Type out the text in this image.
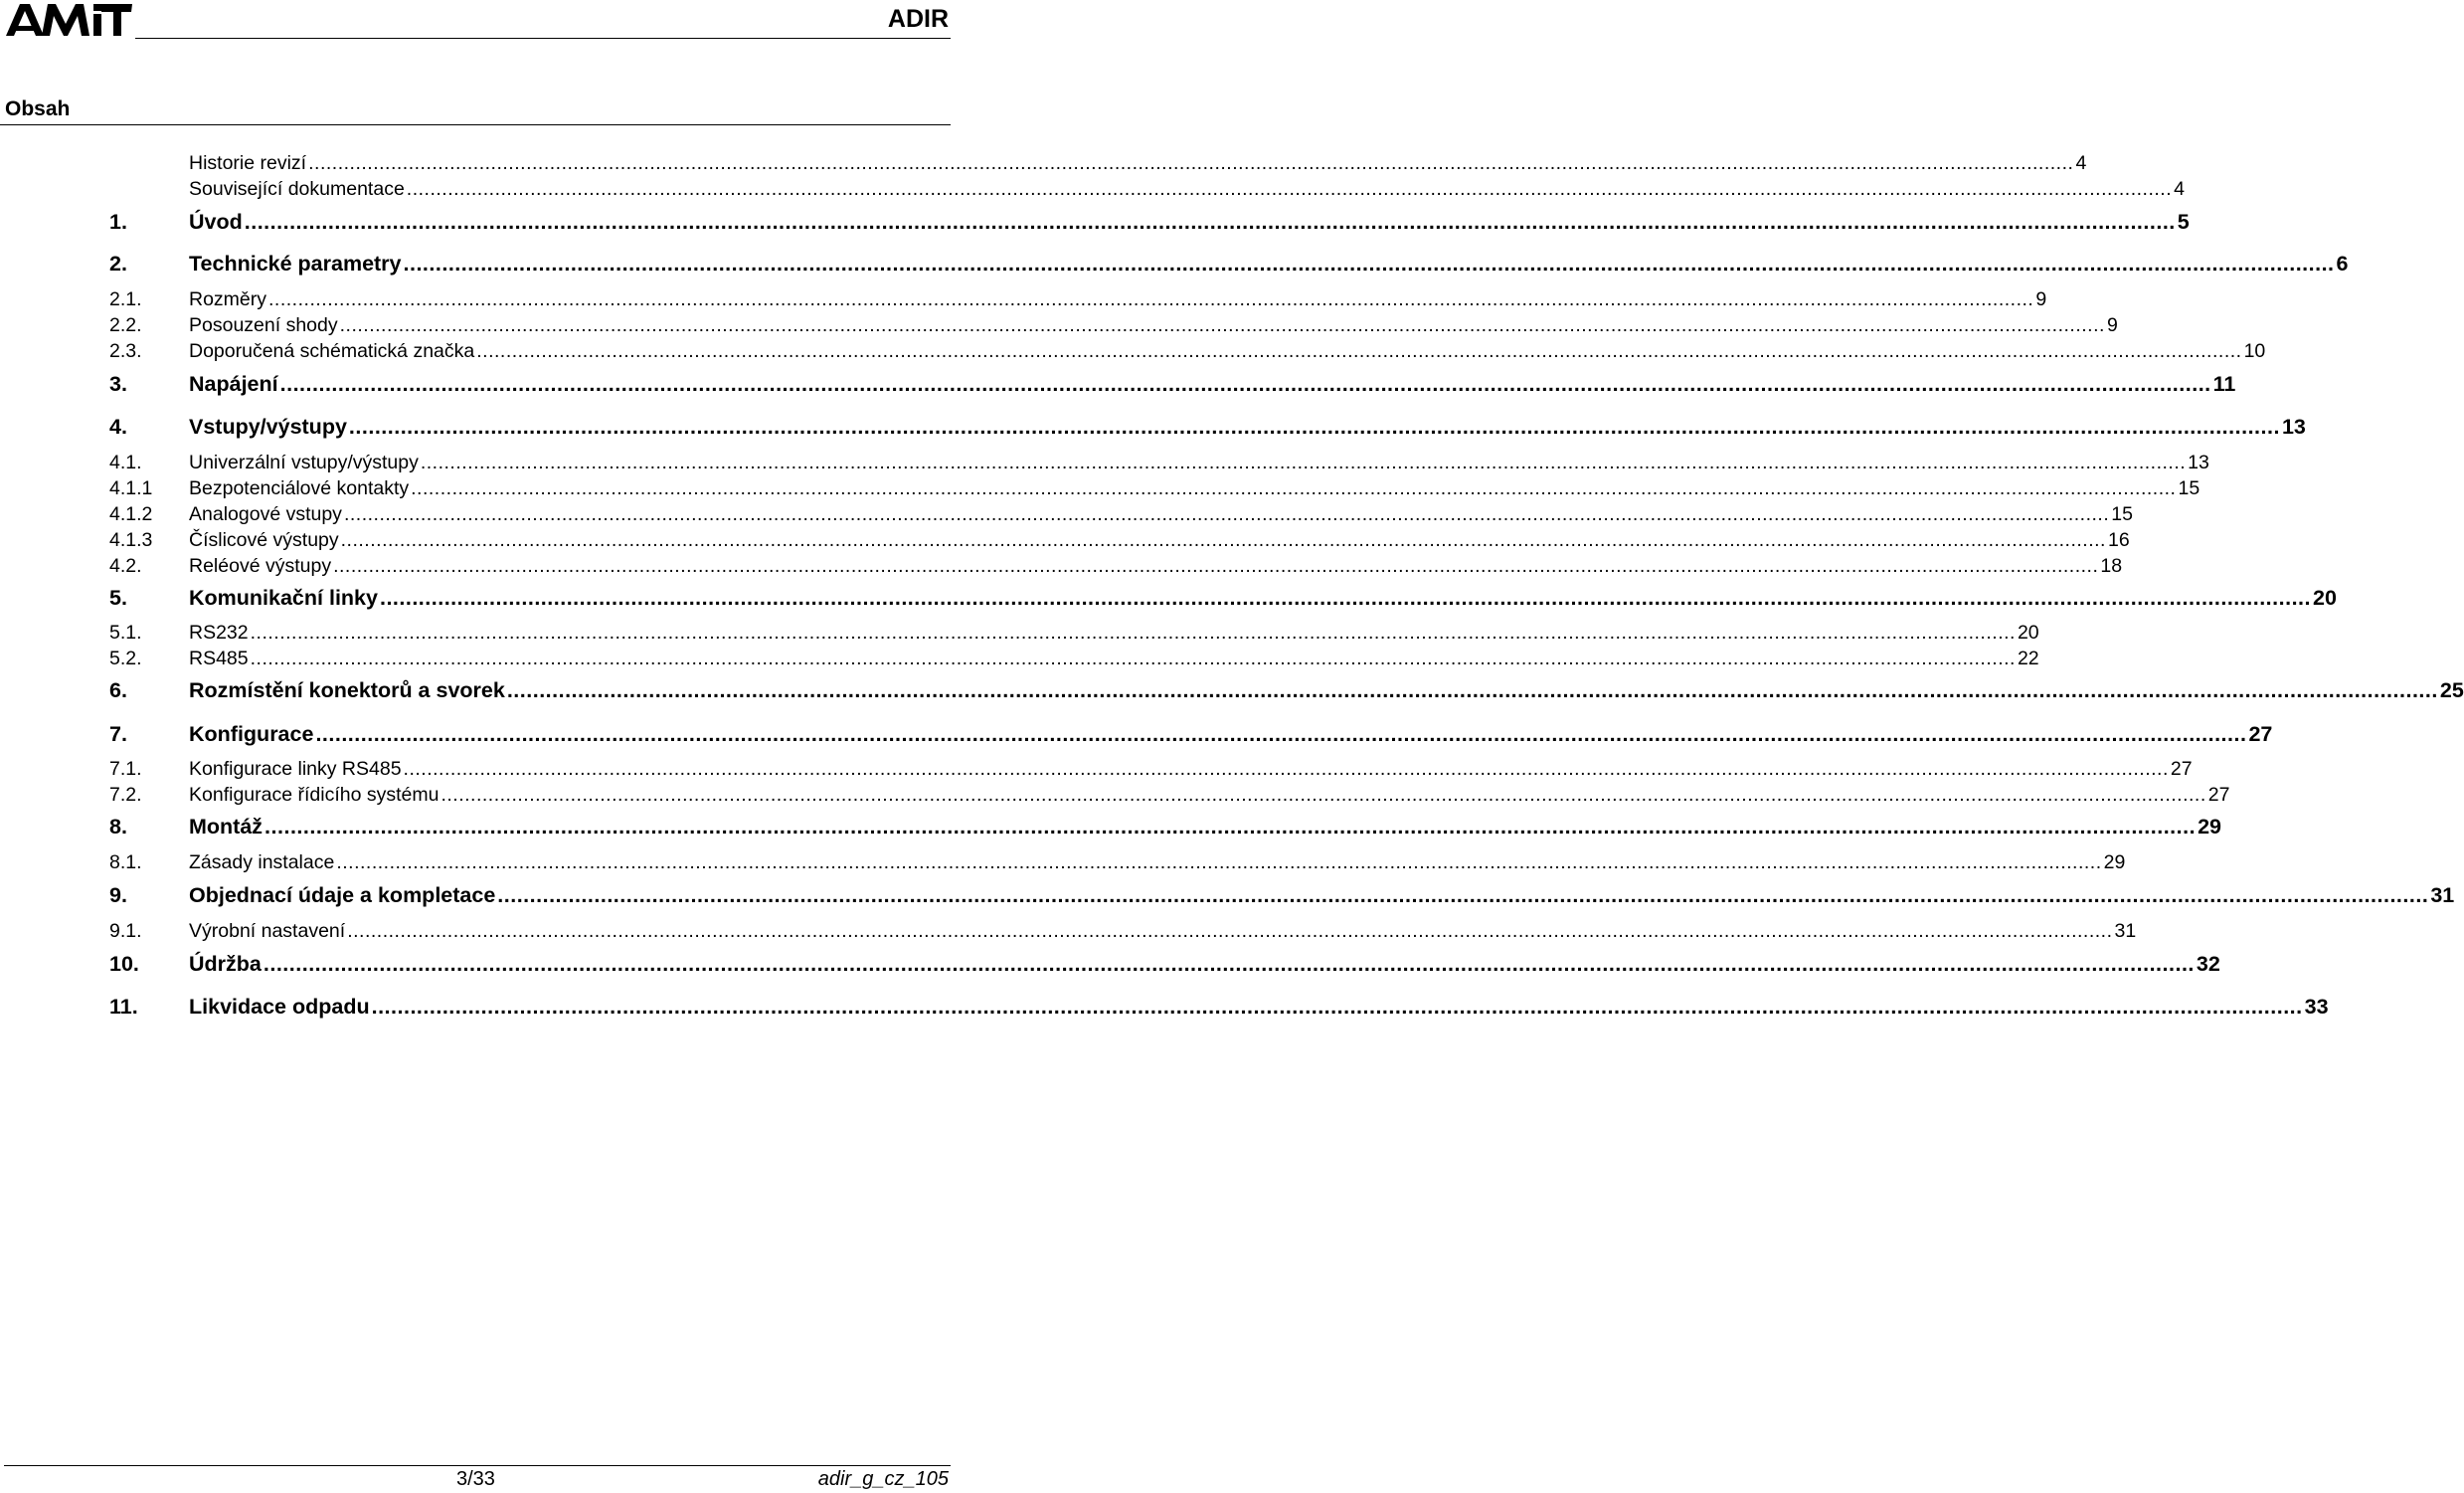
ADIR
Obsah
Historie revizí ............................................................................................................................................................................................................................................................................................................ 4
Související dokumentace ............................................................................................................................................................................................................................................................................................................ 4
1.	Úvod ............................................................................................................................................................................................................................................................................................................ 5
2.	Technické parametry ............................................................................................................................................................................................................................................................................................................ 6
2.1. Rozměry ............................................................................................................................................................................................................................................................................................................ 9
2.2. Posouzení shody ............................................................................................................................................................................................................................................................................................................ 9
2.3. Doporučená schématická značka ............................................................................................................................................................................................................................................................................................................ 10
3.	Napájení ............................................................................................................................................................................................................................................................................................................ 11
4.	Vstupy/výstupy ............................................................................................................................................................................................................................................................................................................ 13
4.1. Univerzální vstupy/výstupy ............................................................................................................................................................................................................................................................................................................ 13
4.1.1 Bezpotenciálové kontakty ............................................................................................................................................................................................................................................................................................................ 15
4.1.2 Analogové vstupy ............................................................................................................................................................................................................................................................................................................ 15
4.1.3 Číslicové výstupy ............................................................................................................................................................................................................................................................................................................ 16
4.2. Reléové výstupy ............................................................................................................................................................................................................................................................................................................ 18
5.	Komunikační linky ............................................................................................................................................................................................................................................................................................................ 20
5.1. RS232 ............................................................................................................................................................................................................................................................................................................ 20
5.2. RS485 ............................................................................................................................................................................................................................................................................................................ 22
6.	Rozmístění konektorů a svorek ............................................................................................................................................................................................................................................................................................................ 25
7.	Konfigurace ............................................................................................................................................................................................................................................................................................................ 27
7.1. Konfigurace linky RS485 ............................................................................................................................................................................................................................................................................................................ 27
7.2. Konfigurace řídicího systému ............................................................................................................................................................................................................................................................................................................ 27
8.	Montáž ............................................................................................................................................................................................................................................................................................................ 29
8.1. Zásady instalace ............................................................................................................................................................................................................................................................................................................ 29
9.	Objednací údaje a kompletace ............................................................................................................................................................................................................................................................................................................ 31
9.1. Výrobní nastavení ............................................................................................................................................................................................................................................................................................................ 31
10. Údržba ............................................................................................................................................................................................................................................................................................................ 32
11. Likvidace odpadu ............................................................................................................................................................................................................................................................................................................ 33
3/33	adir_g_cz_105
